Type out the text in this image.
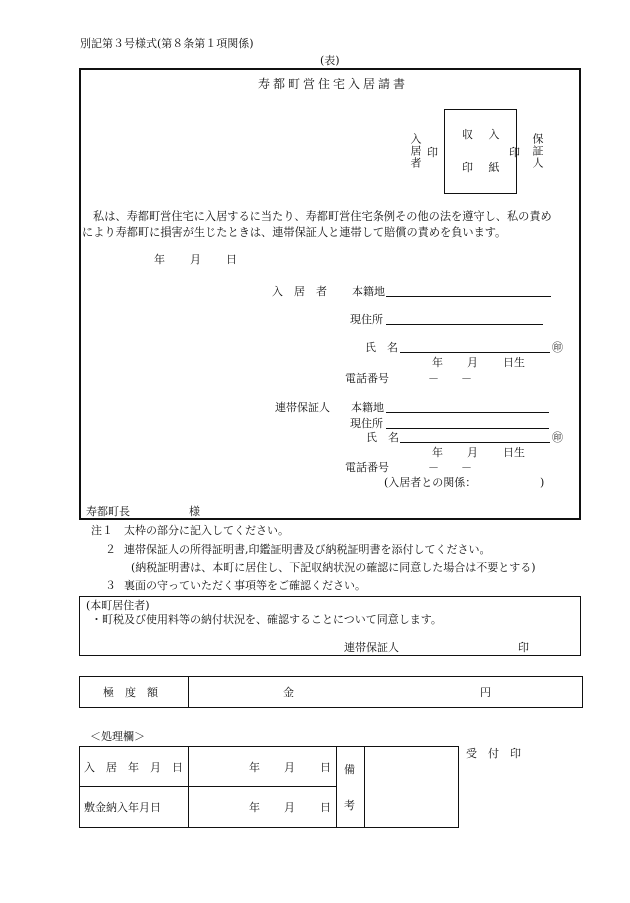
別記第３号様式(第８条第１項関係)
(表)
寿都町営住宅入居請書
入居者 印
収 入
印 紙
印 保証人
私は、寿都町営住宅に入居するに当たり、寿都町営住宅条例その他の法を遵守し、私の責め
により寿都町に損害が生じたときは、連帯保証人と連帯して賠償の責めを負います。
年 月 日
入　居　者 本籍地
現住所
氏　名	㊞
年 月 日生
電話番号	－　　－
連帯保証人 本籍地
現住所
氏　名	㊞
年 月 日生
電話番号	－　　－
(入居者との関係：	)
寿都町長	様
注１ 太枠の部分に記入してください。
２ 連帯保証人の所得証明書,印鑑証明書及び納税証明書を添付してください。
(納税証明書は、本町に居住し、下記収納状況の確認に同意した場合は不要とする)
３ 裏面の守っていただく事項等をご確認ください。
(本町居住者)
・町税及び使用料等の納付状況を、確認することについて同意します。
連帯保証人	印
極　度　額	金	円
＜処理欄＞
入　居　年　月　日	年 月 日
敷金納入年月日	年 月 日
備
考
受　付　印
